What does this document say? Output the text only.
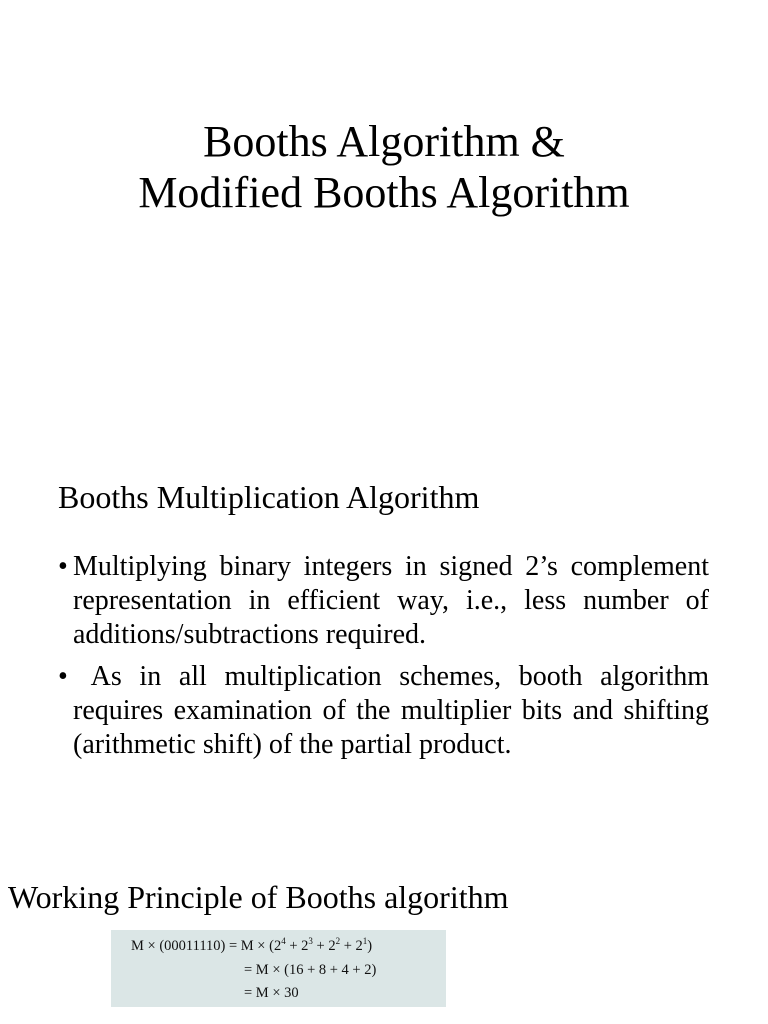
Booths Algorithm &
Modified Booths Algorithm
Booths Multiplication Algorithm
• Multiplying binary integers in signed 2’s complement representation in efficient way, i.e., less number of additions/subtractions required.
• As in all multiplication schemes, booth algorithm requires examination of the multiplier bits and shifting (arithmetic shift) of the partial product.
Working Principle of Booths algorithm
$M \times (00011110) = M \times (2^4 + 2^3 + 2^2 + 2^1)$
= M × (16 + 8 + 4 + 2)
= M × 30
